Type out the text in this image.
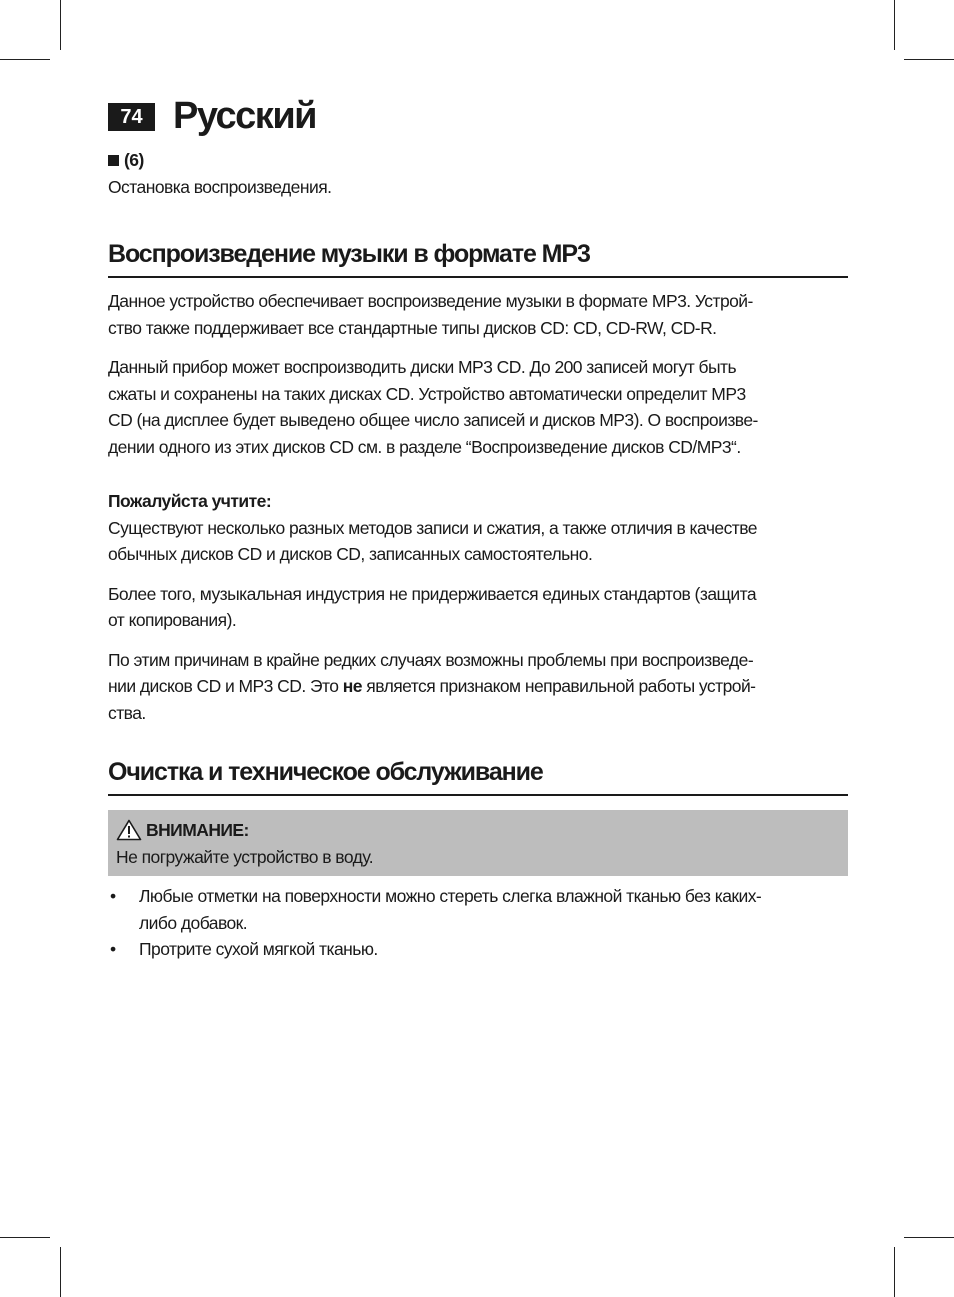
74 Русский
(6)

Остановка воспроизведения.

Воспроизведение музыки в формате MP3

Данное устройство обеспечивает воспроизведение музыки в формате MP3. Устрой-
ство также поддерживает все стандартные типы дисков CD: CD, CD-RW, CD-R.

Данный прибор может воспроизводить диски MP3 CD. До 200 записей могут быть
сжаты и сохранены на таких дисках CD. Устройство автоматически определит MP3
CD (на дисплее будет выведено общее число записей и дисков MP3). О воспроизве-
дении одного из этих дисков CD см. в разделе “Воспроизведение дисков CD/MP3“.

Пожалуйста учтите:

Существуют несколько разных методов записи и сжатия, а также отличия в качестве
обычных дисков CD и дисков CD, записанных самостоятельно.

Более того, музыкальная индустрия не придерживается единых стандартов (защита
от копирования).

По этим причинам в крайне редких случаях возможны проблемы при воспроизведе-
нии дисков CD и MP3 CD. Это не является признаком неправильной работы устрой-
ства.

Очистка и техническое обслуживание
ВНИМАНИЕ:

Не погружайте устройство в воду.

• Любые отметки на поверхности можно стереть слегка влажной тканью без каких-
либо добавок.
• Протрите сухой мягкой тканью.
